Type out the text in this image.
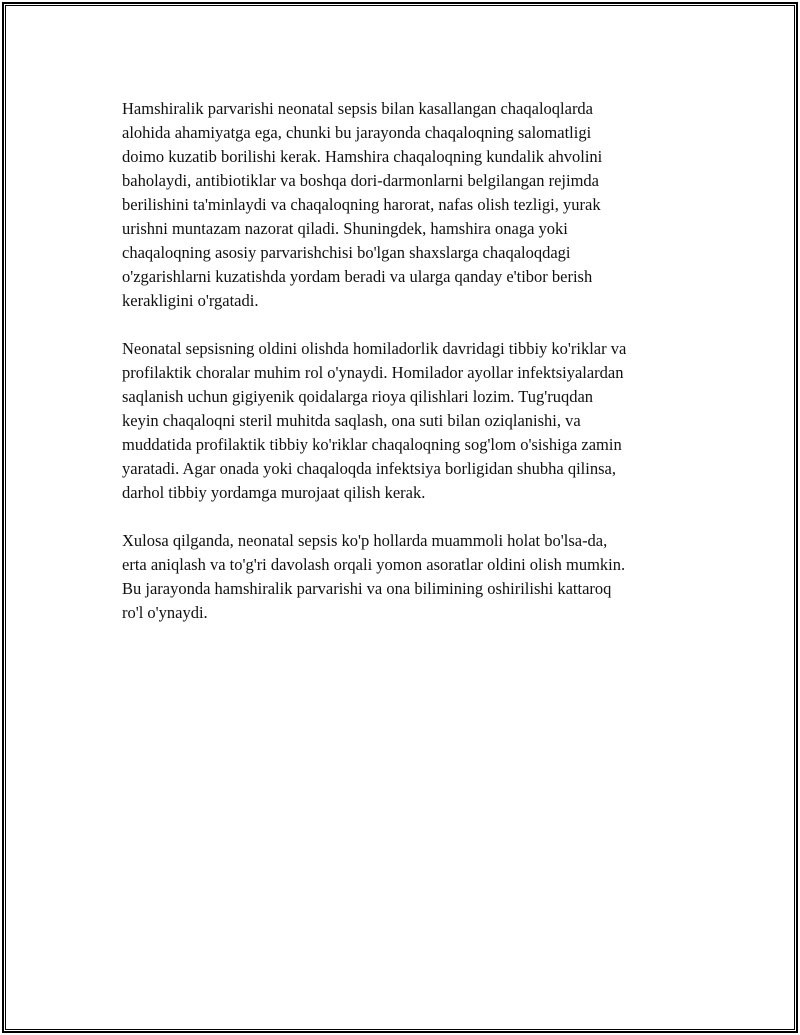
Hamshiralik parvarishi neonatal sepsis bilan kasallangan chaqaloqlarda
alohida ahamiyatga ega, chunki bu jarayonda chaqaloqning salomatligi
doimo kuzatib borilishi kerak. Hamshira chaqaloqning kundalik ahvolini
baholaydi, antibiotiklar va boshqa dori-darmonlarni belgilangan rejimda
berilishini ta'minlaydi va chaqaloqning harorat, nafas olish tezligi, yurak
urishni muntazam nazorat qiladi. Shuningdek, hamshira onaga yoki
chaqaloqning asosiy parvarishchisi bo'lgan shaxslarga chaqaloqdagi
o'zgarishlarni kuzatishda yordam beradi va ularga qanday e'tibor berish
kerakligini o'rgatadi.

Neonatal sepsisning oldini olishda homiladorlik davridagi tibbiy ko'riklar va
profilaktik choralar muhim rol o'ynaydi. Homilador ayollar infektsiyalardan
saqlanish uchun gigiyenik qoidalarga rioya qilishlari lozim. Tug'ruqdan
keyin chaqaloqni steril muhitda saqlash, ona suti bilan oziqlanishi, va
muddatida profilaktik tibbiy ko'riklar chaqaloqning sog'lom o'sishiga zamin
yaratadi. Agar onada yoki chaqaloqda infektsiya borligidan shubha qilinsa,
darhol tibbiy yordamga murojaat qilish kerak.

Xulosa qilganda, neonatal sepsis ko'p hollarda muammoli holat bo'lsa-da,
erta aniqlash va to'g'ri davolash orqali yomon asoratlar oldini olish mumkin.
Bu jarayonda hamshiralik parvarishi va ona bilimining oshirilishi kattaroq
ro'l o'ynaydi.
